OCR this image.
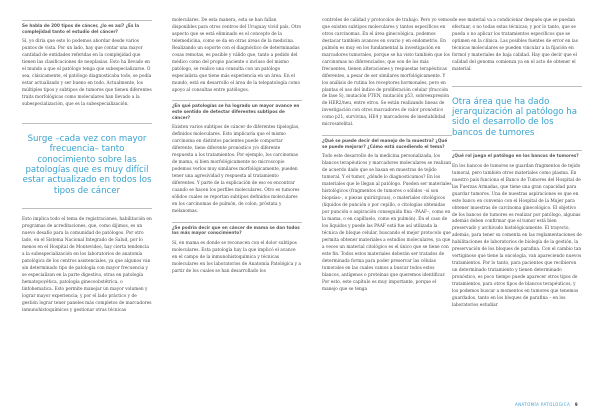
Se habla de 200 tipos de cáncer, ¿lo es así? ¿Es la complejidad tanto el estudio del cáncer?

Sí, yo diría que esto lo podemos abordar desde varios puntos de vista. Por un lado, hay que contar una mayor cantidad de entidades referidas en la complejidad que tienen las clasificaciones de neoplasias. Esto ha llevado en el mundo a que el patólogo tenga que subespecializarse. O sea, clásicamente, el patólogo diagnosticaba todo, se podía estar actualizado y ser bueno en todo. Actualmente, los múltiples tipos y subtipos de tumores que tienen diferentes traits morfológicas como moleculares han llevado a la subespecialización, que es la subespecialización.

Surge –cada vez con mayor frecuencia– tanto conocimiento sobre las patologías que es muy difícil estar actualizado en todos los tipos de cáncer

Esto implica todo el tema de registraciones, habilitación en programas de acreditaciones, que, como dijimos, es un nuevo desafío para la comunidad de patólogos. Por otro lado, en el Sistema Nacional Integrado de Salud, por lo menos en el Hospital de Montevideo, hay cierta tendencia a la subespecialización en los laboratorios de anatomía patológica de los centros asistenciales, ya que algunos van sin determinado tipo de patología con mayor frecuencia y se especializan en la parte digestiva, otras en patología hematopoyética, patología ginecoobstétrica, o linfohematica. Esto permite manejar un mayor volumen y lograr mayor experiencia; y por el lado práctico y de gestión lograr tener paneles más completos de marcadores inmunohistoquímicos y gestionar otras técnicas

moleculares. De esta manera, esta se han fallan disponibles para otros centros del Uruguay vivid país. Otro aspecto que se está eliminado es el concepto de la telemedicina, como se da en otras áreas de la medicina. Realizando un soporte con el diagnóstico de determinadas cosas remotas, es posible y válido que, tanto a pedido del médico como del propio paciente o incluso del mismo patólogo, se realice una consulta con un patólogo especialista que tiene más experiencia en un área. En el mundo, está en desarrollo el área de la telepatología como apoyo al consultas entre patólogos.

¿En qué patologías se ha logrado un mayor avance en este sentido de detectar diferentes subtipos de cáncer?

Existen varios subtipos de cáncer de diferentes tipologías, definidos moleculares. Esto implicaría que el mismo carcinoma en distintos pacientes puede comportar diferente, tiene diferente pronóstico y/o diferente respuesta a los tratamientos. Por ejemplo, los carcinomas de mama, si bien morfológicamente no microscopio podemos verlos muy similares morfológicamente, pueden tener una agresividad y respuesta al tratamiento diferentes. Y parte de la explicación de eso es encontrar cuando se hacen los perfiles moleculares. Otro es tumores sólidos cuales se reportan subtipos definidos moleculares en los carcinomas de pulmón, de colon, próstata y melanomas.

¿Se podría decir que en cáncer de mama se dan todos los más mayor conocimiento?

Sí, en mama es donde se reconocen con el dolor subtipos moleculares. Esta patología hay la que implicó el avance en el campo de la inmunohistoquímica y técnicas moleculares en los laboratorios de Anatomía Patológica y a partir de los cuales se han desarrollado los

controles de calidad y protocolos de trabajo. Pero yo vemos que existen subtipos moleculares y tantos específicos en otros carcinomas. En el área ginecológica, podemos destacar también avances en ovario y en endometrio. En pulmón es muy en los fundamental la investigación en marcadores tumorales, porque se ha visto también que los carcinomas no diferenciados, que son de los más frecuentes, tienen alteraciones y respuestas terapéuticas diferentes, a pesar de ser similares morfológicamente. Y los análisis de rutina los receptores hormonales, pero en plantas el uso del índice de proliferación celular (fracción de fase S), mutación PTEN, mutación p53, sobreexpresión de HER2/neu, entre otros. Se están realizando lineas de investigación con otros marcadores de valor pronóstico como p21, survivina, HE4 y marcadores de inestabilidad microsatelital.

¿Qué se puede decir del manejo de la muestra? ¿Qué se puede mejorar? ¿Cómo está sucediendo el tema?

Todo este desarrollo de la medicina personalizada, los blancos terapéuticos y marcadores moleculares se realizan de acuerdo dado que se basan en muestras de tejido tumoral. Y el tumor, ¿dónde lo diagnosticamos? En los materiales que le llegan al patólogo. Pueden ser materiales histológicos (fragmentos de tumores o sólidos –sí son biopsias–, o piezas quirúrgicas), o materiales citológicos (líquidos de punción o por cepillo, o citologías obtenidas por punción o aspiración conseguida fina –PAAF–, como en la mama, o en capilluelo, como en pulmón). En el caso de los líquidos y puede las PAAF está fue así utilizada la técnica de bloque celular, buscando el mejor protocolo que permita obtener materiales a estudios moleculares, ya que a veces un material citológico es el único que se tiene con este fin. Todos estos materiales deberán ser tratados de determinada forma para poder preservar las células tumorales en las cuales vamos a buscar todos estos blancos, antígenos o proteínas que queremos identificar. Por esto, este capítulo es muy importante, porque el manejo que se tenga

de ese material va a condicionar después que se puedan efectuar, o no todas estas técnicas; y por lo tanto, que se pueda o no aplicar los tratamientos específicos que se optimen en la clínica. Las posibles fuentes de error en las técnicas moleculares se pueden vincular a la fijación en formol y materiales de baja calidad. Hay que decir que el calidad del genoma comienza ya en el acto de obtener el material.

Otra área que ha dado jerarquización al patólogo ha sido el desarrollo de los bancos de tumores

¿Qué rol juega el patólogo en los bancos de tumores?

En los bancos de tumores se guardan fragmentos de tejido tumoral, pero también otros materiales como plasma. En nuestro país funciona el Banco de Tumores del Hospital de las Fuerzas Armadas, que tiene una gran capacidad para guardar tumores. Una de nuestras aspiraciones es que en este banco en convenio con el Hospital de la Mujer para obtener muestras de carcinoma ginecológico. El objetivo de los bancos de tumores es realizar por patólogo, algunas además deben confirmar que el tumor está bien preservado y archivado histológicamente. El trayecto, además, para tener su comenta en las reglamentaciones de habilitaciones de laboratorios de biología de la gestión, la preservación de los bloques de parafina. Con el cambio tan vertiginoso que tiene la oncología, van apareciendo nuevos tratamientos. Por lo tanto, para pacientes que recibieron un determinado tratamiento y tienen determinado pronóstico, es poco tiempo puede aparecer otros tipos de tratamientos, para otros tipos de blancos terapéuticos, y los podemos buscar a momentos en tumores que tenemos guardados, tanto en los bloques de parafina – en los laboratorios estudiar

ANATOMÍA PATOLÓGICA 9
